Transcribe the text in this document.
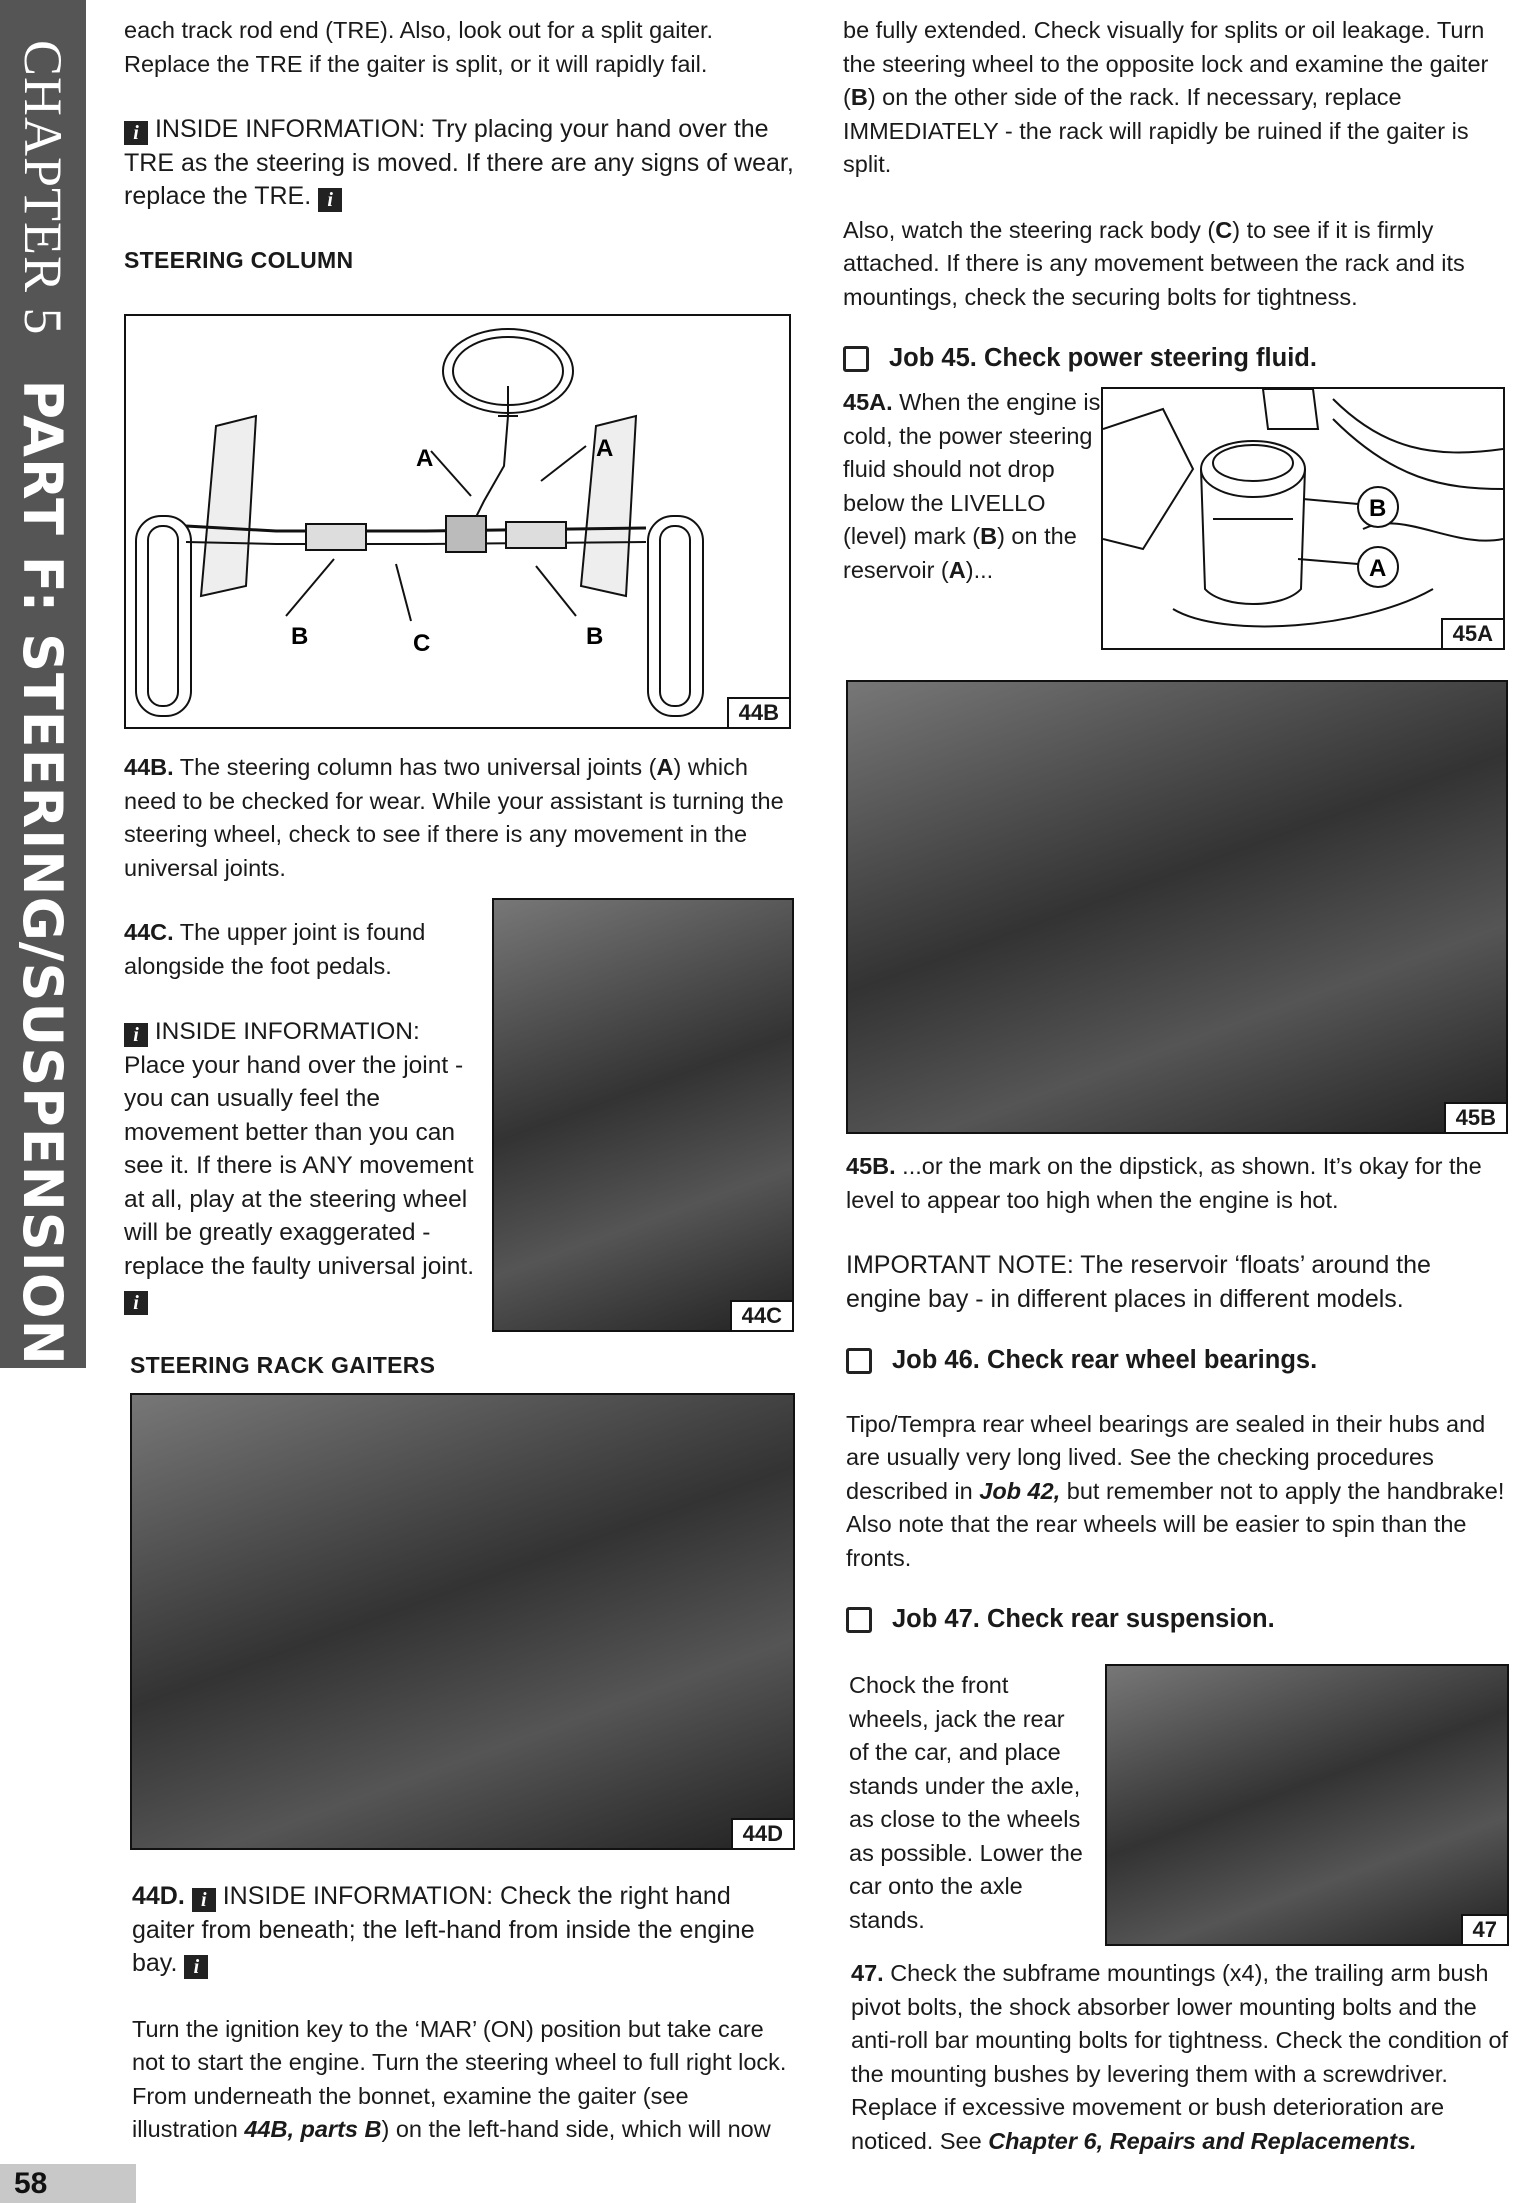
CHAPTER 5
PART F: STEERING/SUSPENSION
58

each track rod end (TRE). Also, look out for a split gaiter. Replace the TRE if the gaiter is split, or it will rapidly fail.

i INSIDE INFORMATION: Try placing your hand over the TRE as the steering is moved. If there are any signs of wear, replace the TRE. i

STEERING COLUMN
A	A
B	C	B
44B

44B. The steering column has two universal joints (A) which need to be checked for wear. While your assistant is turning the steering wheel, check to see if there is any movement in the universal joints.

44C. The upper joint is found alongside the foot pedals.

i INSIDE INFORMATION: Place your hand over the joint - you can usually feel the movement better than you can see it. If there is ANY movement at all, play at the steering wheel will be greatly exaggerated - replace the faulty universal joint. i	44C
STEERING RACK GAITERS
44D

44D. i INSIDE INFORMATION: Check the right hand gaiter from beneath; the left-hand from inside the engine bay. i

Turn the ignition key to the ‘MAR’ (ON) position but take care not to start the engine. Turn the steering wheel to full right lock. From underneath the bonnet, examine the gaiter (see illustration 44B, parts B) on the left-hand side, which will now

be fully extended. Check visually for splits or oil leakage. Turn the steering wheel to the opposite lock and examine the gaiter (B) on the other side of the rack. If necessary, replace IMMEDIATELY - the rack will rapidly be ruined if the gaiter is split.

Also, watch the steering rack body (C) to see if it is firmly attached. If there is any movement between the rack and its mountings, check the securing bolts for tightness.

Job 45. Check power steering fluid.

45A. When the engine is cold, the power steering fluid should not drop below the LIVELLO (level) mark (B) on the reservoir (A)...

B
A
45A
45B

45B. ...or the mark on the dipstick, as shown. It’s okay for the level to appear too high when the engine is hot.

IMPORTANT NOTE: The reservoir ‘floats’ around the engine bay - in different places in different models.

Job 46. Check rear wheel bearings.

Tipo/Tempra rear wheel bearings are sealed in their hubs and are usually very long lived. See the checking procedures described in Job 42, but remember not to apply the handbrake! Also note that the rear wheels will be easier to spin than the fronts.

Job 47. Check rear suspension.

Chock the front wheels, jack the rear of the car, and place stands under the axle, as close to the wheels as possible. Lower the car onto the axle stands.	47

47. Check the subframe mountings (x4), the trailing arm bush pivot bolts, the shock absorber lower mounting bolts and the anti-roll bar mounting bolts for tightness. Check the condition of the mounting bushes by levering them with a screwdriver. Replace if excessive movement or bush deterioration are noticed. See Chapter 6, Repairs and Replacements.
